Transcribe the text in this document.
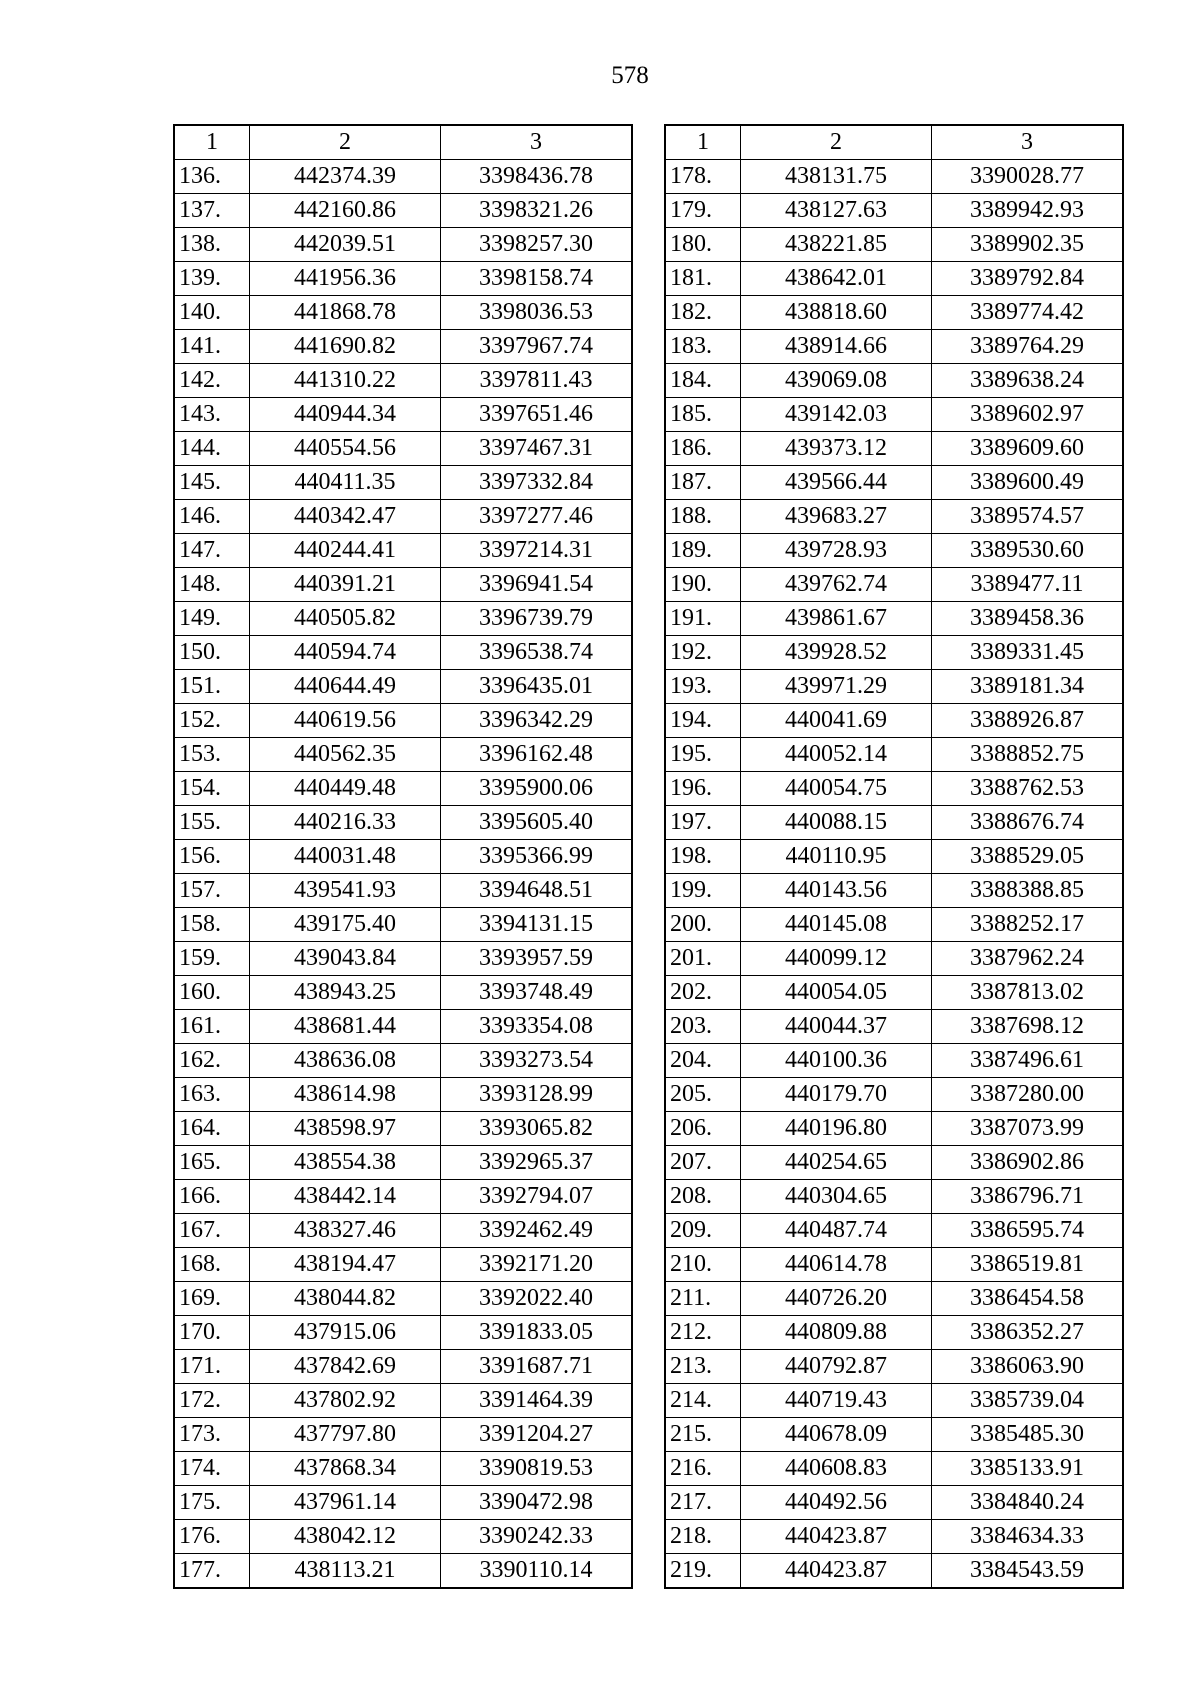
578
1	2	3
136.	442374.39	3398436.78
137.	442160.86	3398321.26
138.	442039.51	3398257.30
139.	441956.36	3398158.74
140.	441868.78	3398036.53
141.	441690.82	3397967.74
142.	441310.22	3397811.43
143.	440944.34	3397651.46
144.	440554.56	3397467.31
145.	440411.35	3397332.84
146.	440342.47	3397277.46
147.	440244.41	3397214.31
148.	440391.21	3396941.54
149.	440505.82	3396739.79
150.	440594.74	3396538.74
151.	440644.49	3396435.01
152.	440619.56	3396342.29
153.	440562.35	3396162.48
154.	440449.48	3395900.06
155.	440216.33	3395605.40
156.	440031.48	3395366.99
157.	439541.93	3394648.51
158.	439175.40	3394131.15
159.	439043.84	3393957.59
160.	438943.25	3393748.49
161.	438681.44	3393354.08
162.	438636.08	3393273.54
163.	438614.98	3393128.99
164.	438598.97	3393065.82
165.	438554.38	3392965.37
166.	438442.14	3392794.07
167.	438327.46	3392462.49
168.	438194.47	3392171.20
169.	438044.82	3392022.40
170.	437915.06	3391833.05
171.	437842.69	3391687.71
172.	437802.92	3391464.39
173.	437797.80	3391204.27
174.	437868.34	3390819.53
175.	437961.14	3390472.98
176.	438042.12	3390242.33
177.	438113.21	3390110.14
1	2	3
178.	438131.75	3390028.77
179.	438127.63	3389942.93
180.	438221.85	3389902.35
181.	438642.01	3389792.84
182.	438818.60	3389774.42
183.	438914.66	3389764.29
184.	439069.08	3389638.24
185.	439142.03	3389602.97
186.	439373.12	3389609.60
187.	439566.44	3389600.49
188.	439683.27	3389574.57
189.	439728.93	3389530.60
190.	439762.74	3389477.11
191.	439861.67	3389458.36
192.	439928.52	3389331.45
193.	439971.29	3389181.34
194.	440041.69	3388926.87
195.	440052.14	3388852.75
196.	440054.75	3388762.53
197.	440088.15	3388676.74
198.	440110.95	3388529.05
199.	440143.56	3388388.85
200.	440145.08	3388252.17
201.	440099.12	3387962.24
202.	440054.05	3387813.02
203.	440044.37	3387698.12
204.	440100.36	3387496.61
205.	440179.70	3387280.00
206.	440196.80	3387073.99
207.	440254.65	3386902.86
208.	440304.65	3386796.71
209.	440487.74	3386595.74
210.	440614.78	3386519.81
211.	440726.20	3386454.58
212.	440809.88	3386352.27
213.	440792.87	3386063.90
214.	440719.43	3385739.04
215.	440678.09	3385485.30
216.	440608.83	3385133.91
217.	440492.56	3384840.24
218.	440423.87	3384634.33
219.	440423.87	3384543.59
